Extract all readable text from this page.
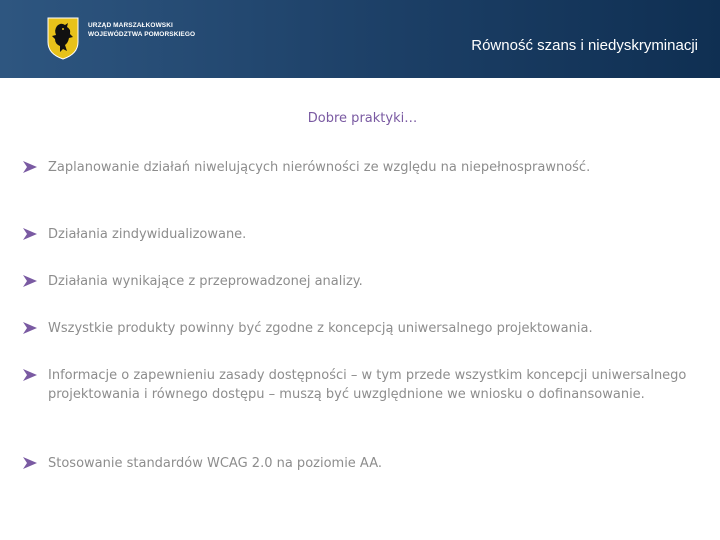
URZĄD MARSZAŁKOWSKI
WOJEWÓDZTWA POMORSKIEGO
Równość szans i niedyskryminacji
Dobre praktyki…
Zaplanowanie działań niwelujących nierówności ze względu na niepełnosprawność.
Działania zindywidualizowane.
Działania wynikające z przeprowadzonej analizy.
Wszystkie produkty powinny być zgodne z koncepcją uniwersalnego projektowania.
Informacje o zapewnieniu zasady dostępności – w tym przede wszystkim koncepcji uniwersalnego projektowania i równego dostępu – muszą być uwzględnione we wniosku o dofinansowanie.
Stosowanie standardów WCAG 2.0 na poziomie AA.
